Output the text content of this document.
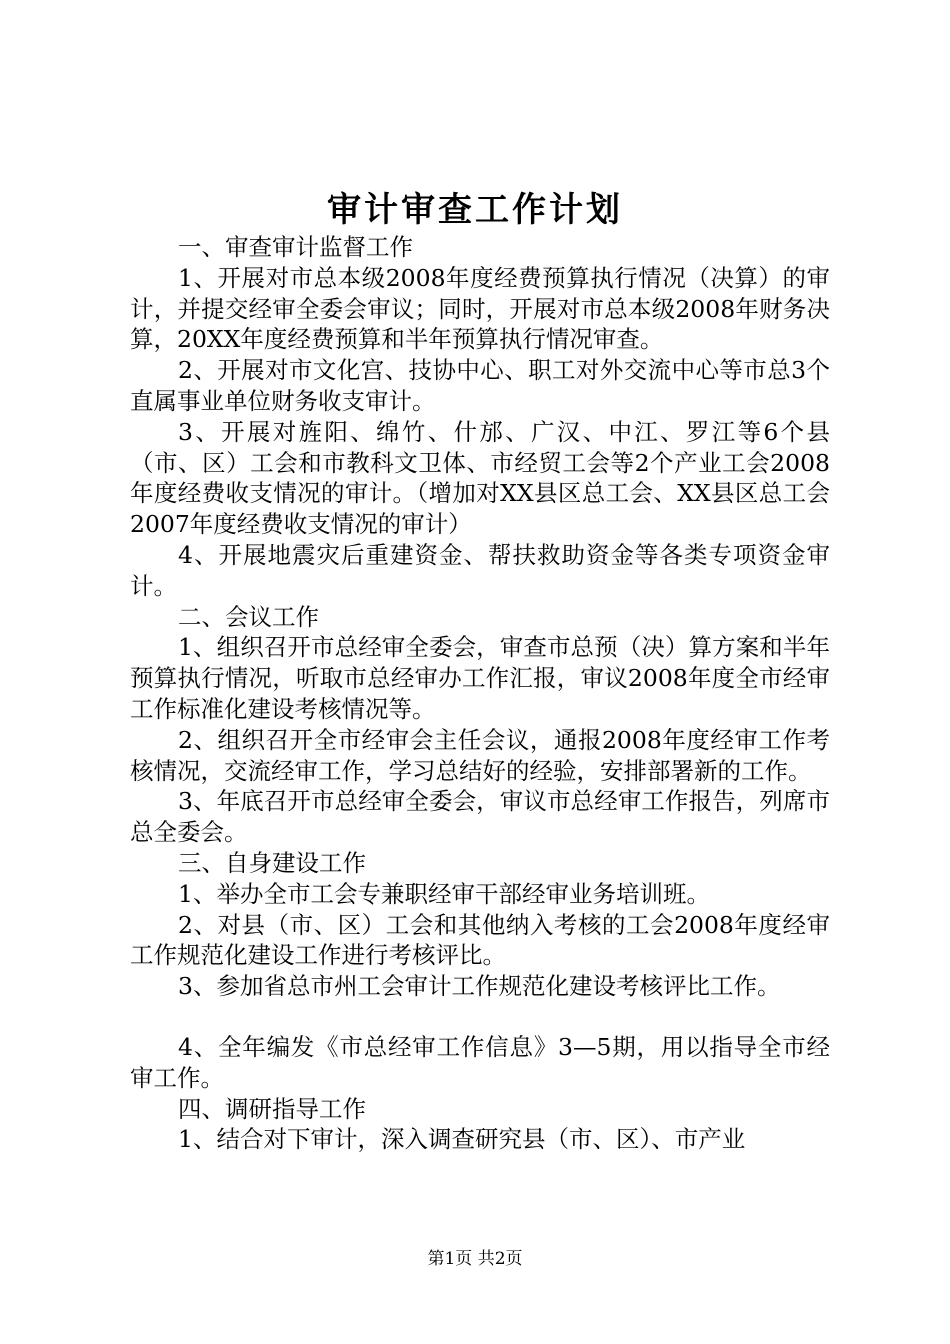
审计审查工作计划

一、审查审计监督工作

1、开展对市总本级2008年度经费预算执行情况（决算）的审计，并提交经审全委会审议；同时，开展对市总本级2008年财务决算，20XX年度经费预算和半年预算执行情况审查。

2、开展对市文化宫、技协中心、职工对外交流中心等市总3个直属事业单位财务收支审计。

3、开展对旌阳、绵竹、什邡、广汉、中江、罗江等6个县（市、区）工会和市教科文卫体、市经贸工会等2个产业工会2008年度经费收支情况的审计。（增加对XX县区总工会、XX县区总工会2007年度经费收支情况的审计）

4、开展地震灾后重建资金、帮扶救助资金等各类专项资金审计。

二、会议工作

1、组织召开市总经审全委会，审查市总预（决）算方案和半年预算执行情况，听取市总经审办工作汇报，审议2008年度全市经审工作标准化建设考核情况等。

2、组织召开全市经审会主任会议，通报2008年度经审工作考核情况，交流经审工作，学习总结好的经验，安排部署新的工作。

3、年底召开市总经审全委会，审议市总经审工作报告，列席市总全委会。

三、自身建设工作

1、举办全市工会专兼职经审干部经审业务培训班。

2、对县（市、区）工会和其他纳入考核的工会2008年度经审工作规范化建设工作进行考核评比。

3、参加省总市州工会审计工作规范化建设考核评比工作。

4、全年编发《市总经审工作信息》3—5期，用以指导全市经审工作。

四、调研指导工作

1、结合对下审计，深入调查研究县（市、区）、市产业

第1页 共2页
